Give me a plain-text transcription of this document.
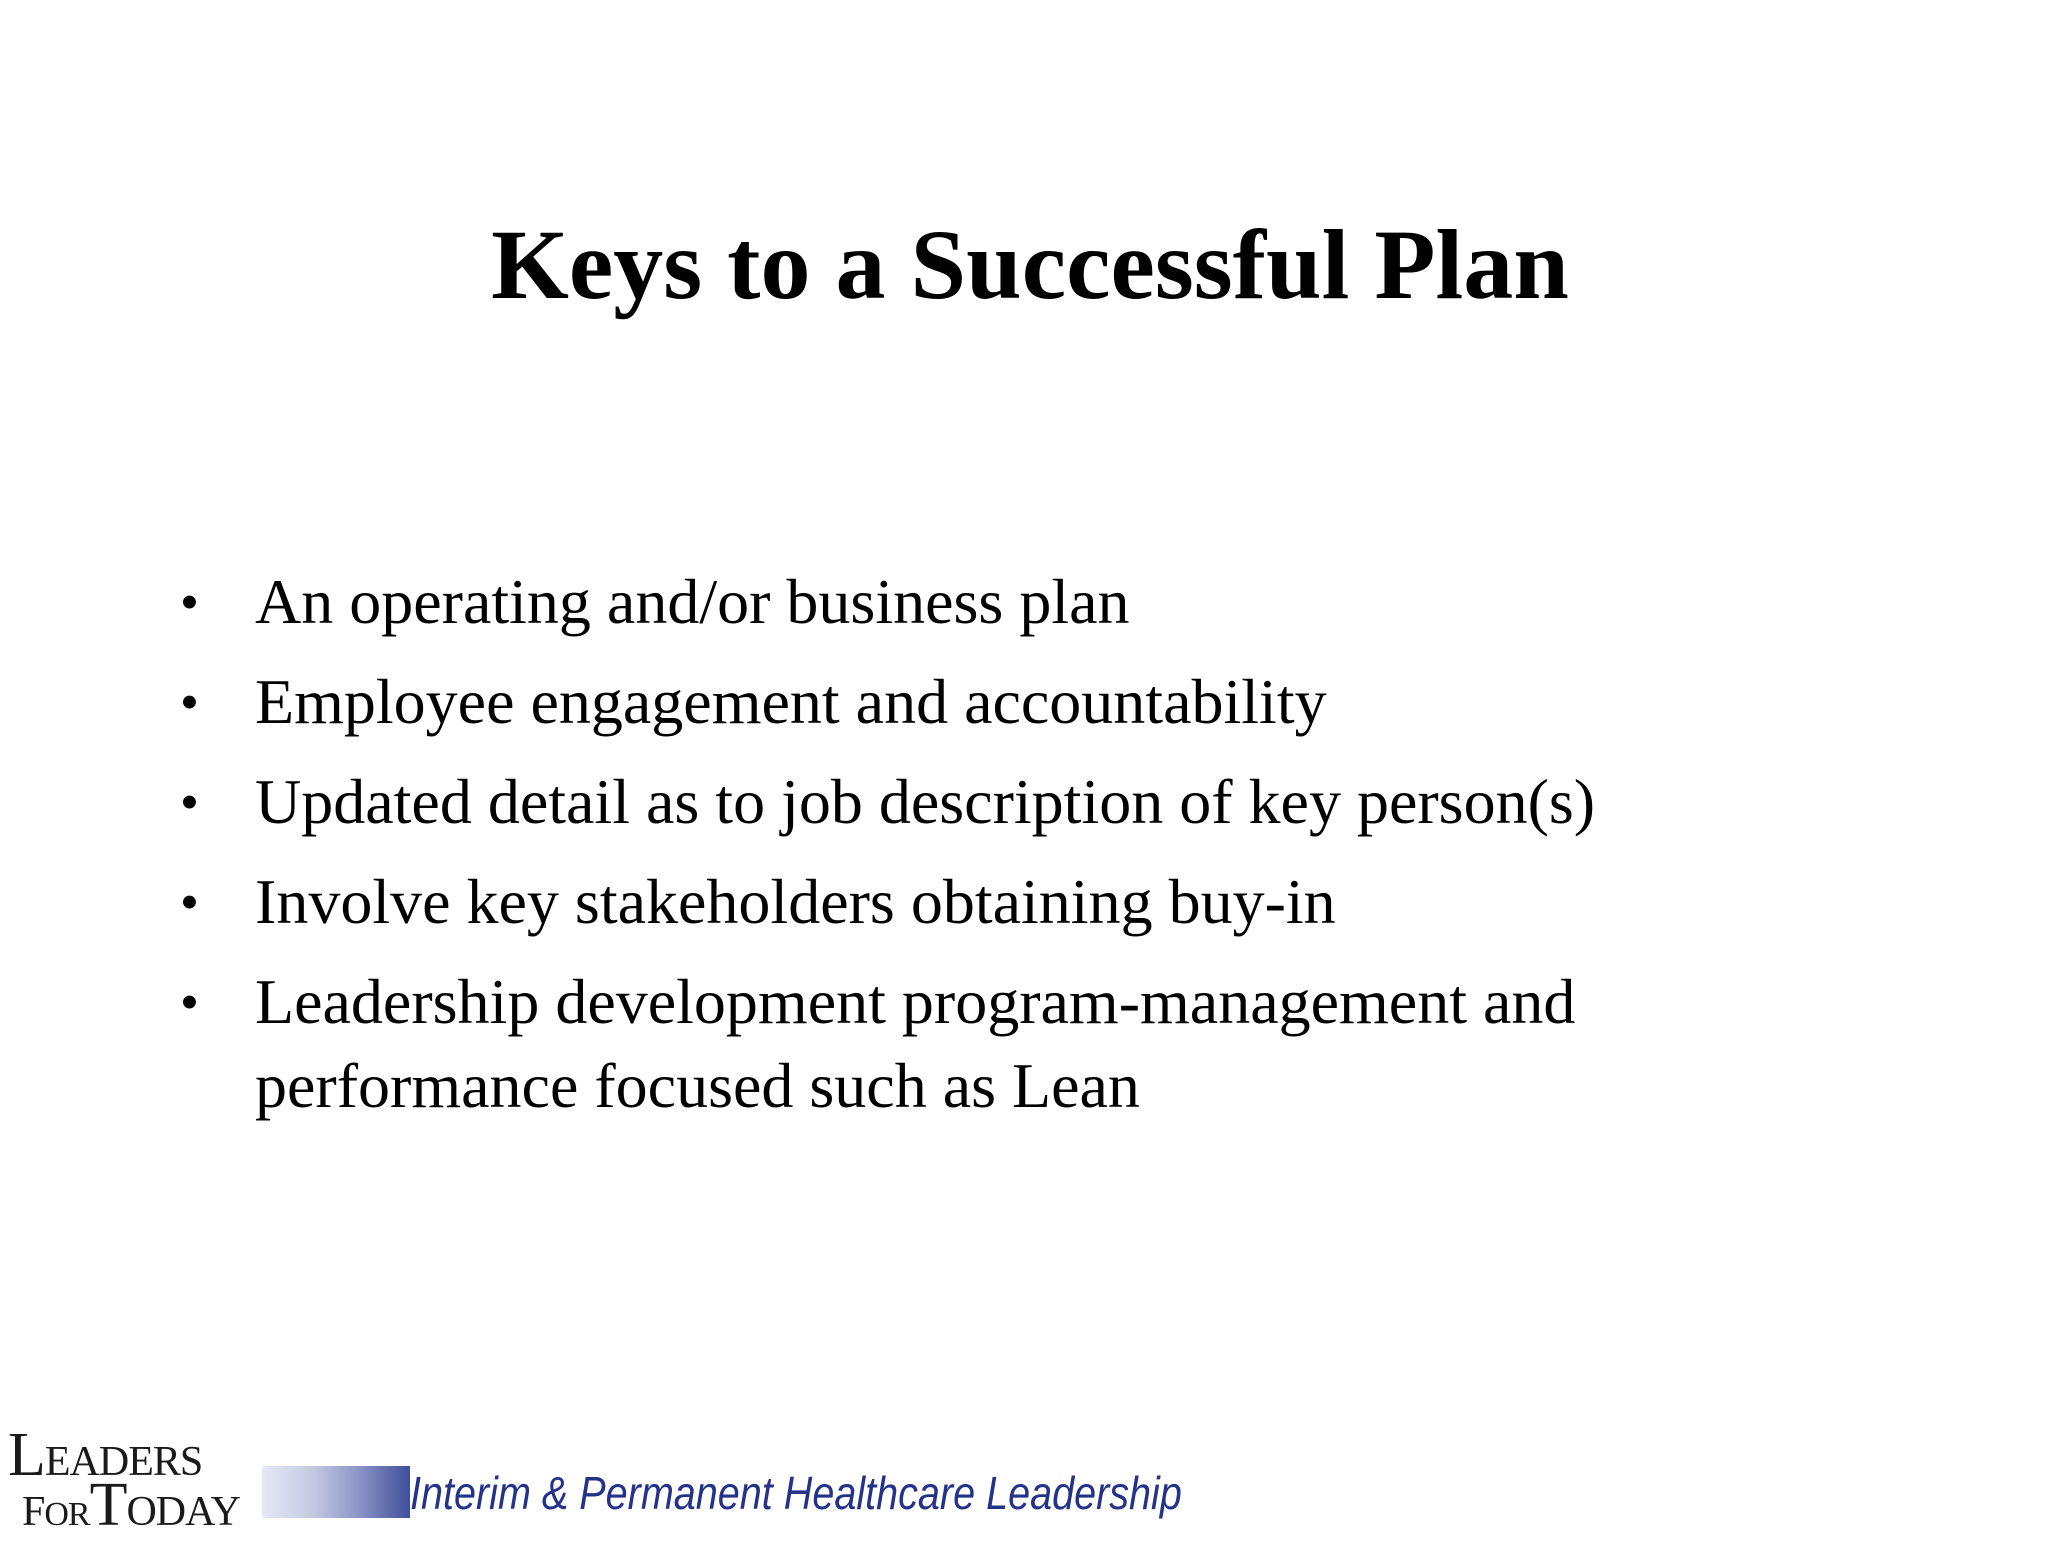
Keys to a Successful Plan
• An operating and/or business plan
• Employee engagement and accountability
• Updated detail as to job description of key person(s)
• Involve key stakeholders obtaining buy-in
• Leadership development program-management and performance focused such as Lean
LEADERS
FORTODAY	Interim & Permanent Healthcare Leadership
